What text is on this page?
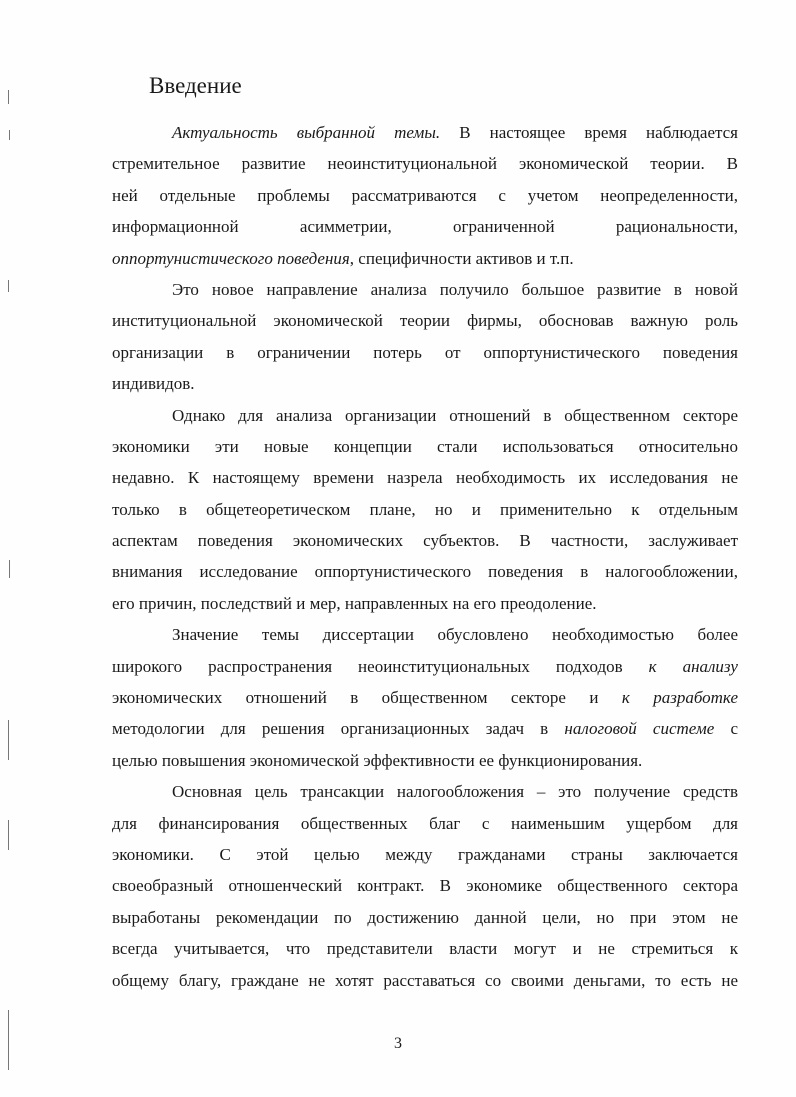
Введение
Актуальность выбранной темы. В настоящее время наблюдается
стремительное развитие неоинституциональной экономической теории. В
ней отдельные проблемы рассматриваются с учетом неопределенности,
информационной асимметрии, ограниченной рациональности,
оппортунистического поведения, специфичности активов и т.п.
Это новое направление анализа получило большое развитие в новой
институциональной экономической теории фирмы, обосновав важную роль
организации в ограничении потерь от оппортунистического поведения
индивидов.
Однако для анализа организации отношений в общественном секторе
экономики эти новые концепции стали использоваться относительно
недавно. К настоящему времени назрела необходимость их исследования не
только в общетеоретическом плане, но и применительно к отдельным
аспектам поведения экономических субъектов. В частности, заслуживает
внимания исследование оппортунистического поведения в налогообложении,
его причин, последствий и мер, направленных на его преодоление.
Значение темы диссертации обусловлено необходимостью более
широкого распространения неоинституциональных подходов к анализу
экономических отношений в общественном секторе и к разработке
методологии для решения организационных задач в налоговой системе с
целью повышения экономической эффективности ее функционирования.
Основная цель трансакции налогообложения – это получение средств
для финансирования общественных благ с наименьшим ущербом для
экономики. С этой целью между гражданами страны заключается
своеобразный отношенческий контракт. В экономике общественного сектора
выработаны рекомендации по достижению данной цели, но при этом не
всегда учитывается, что представители власти могут и не стремиться к
общему благу, граждане не хотят расставаться со своими деньгами, то есть не
3
